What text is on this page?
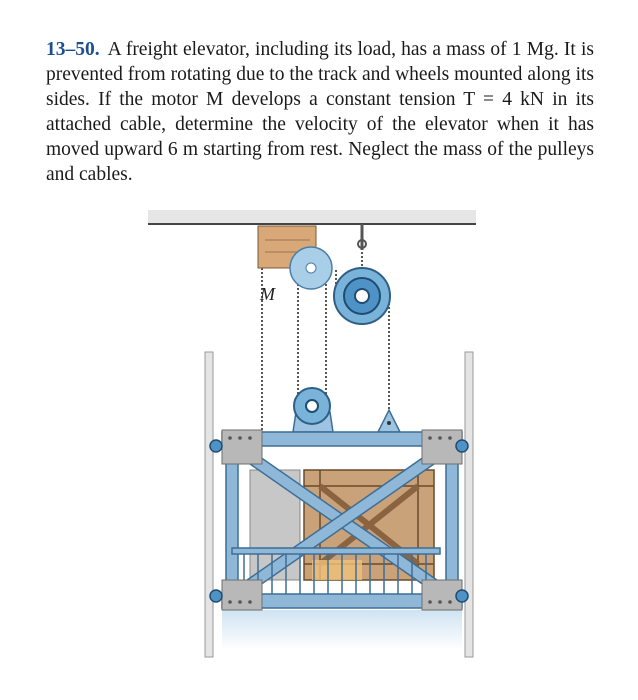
13–50. A freight elevator, including its load, has a mass of 1 Mg. It is prevented from rotating due to the track and wheels mounted along its sides. If the motor M develops a constant tension T = 4 kN in its attached cable, determine the velocity of the elevator when it has moved upward 6 m starting from rest. Neglect the mass of the pulleys and cables.
M
